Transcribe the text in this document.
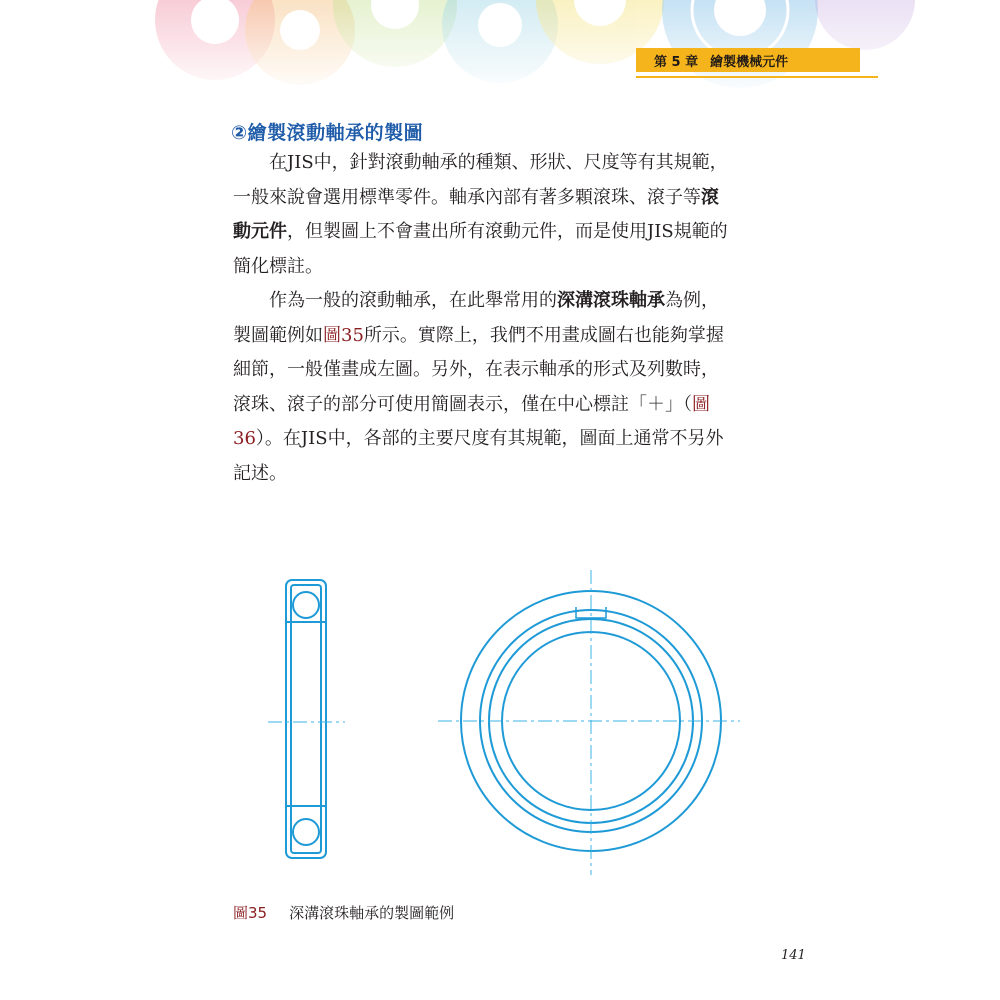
第 5 章 繪製機械元件
②繪製滾動軸承的製圖
在JIS中，針對滾動軸承的種類、形狀、尺度等有其規範，
一般來說會選用標準零件。軸承內部有著多顆滾珠、滾子等滾
動元件，但製圖上不會畫出所有滾動元件，而是使用JIS規範的
簡化標註。
作為一般的滾動軸承，在此舉常用的深溝滾珠軸承為例，
製圖範例如圖35所示。實際上，我們不用畫成圖右也能夠掌握
細節，一般僅畫成左圖。另外，在表示軸承的形式及列數時，
滾珠、滾子的部分可使用簡圖表示，僅在中心標註「＋」（圖
36）。在JIS中，各部的主要尺度有其規範，圖面上通常不另外
記述。
圖35 深溝滾珠軸承的製圖範例
141
